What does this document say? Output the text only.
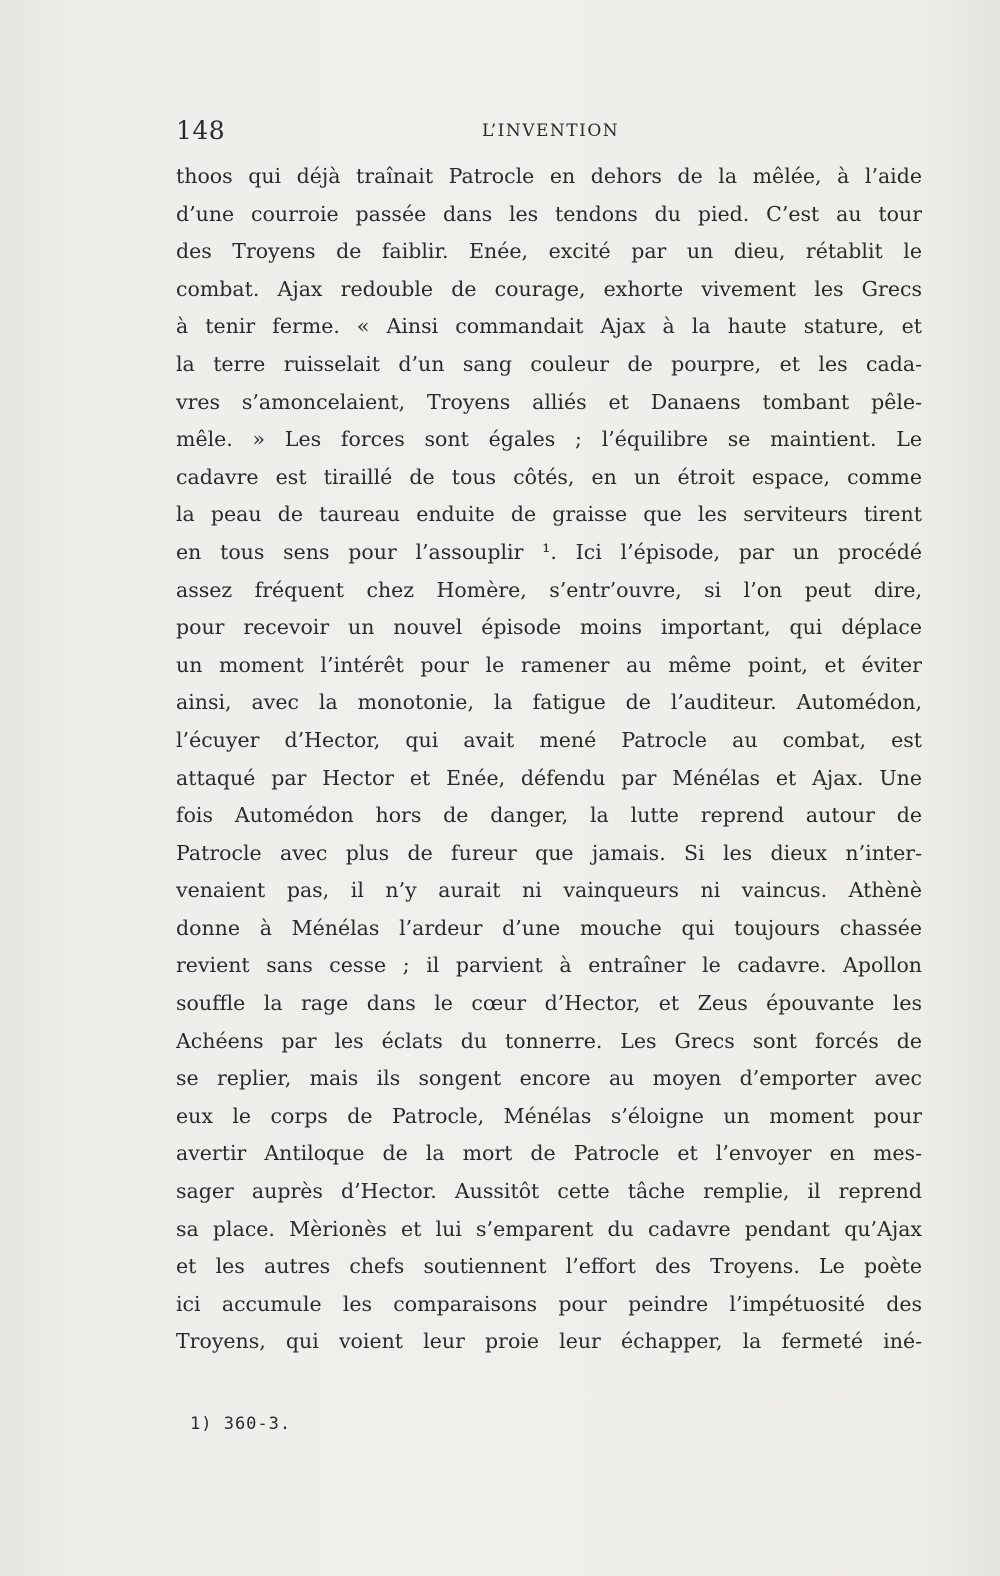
148	L’INVENTION
thoos qui déjà traînait Patrocle en dehors de la mêlée, à l’aide
d’une courroie passée dans les tendons du pied. C’est au tour
des Troyens de faiblir. Enée, excité par un dieu, rétablit le
combat. Ajax redouble de courage, exhorte vivement les Grecs
à tenir ferme. « Ainsi commandait Ajax à la haute stature, et
la terre ruisselait d’un sang couleur de pourpre, et les cada-
vres s’amoncelaient, Troyens alliés et Danaens tombant pêle-
mêle. » Les forces sont égales ; l’équilibre se maintient. Le
cadavre est tiraillé de tous côtés, en un étroit espace, comme
la peau de taureau enduite de graisse que les serviteurs tirent
en tous sens pour l’assouplir ¹. Ici l’épisode, par un procédé
assez fréquent chez Homère, s’entr’ouvre, si l’on peut dire,
pour recevoir un nouvel épisode moins important, qui déplace
un moment l’intérêt pour le ramener au même point, et éviter
ainsi, avec la monotonie, la fatigue de l’auditeur. Automédon,
l’écuyer d’Hector, qui avait mené Patrocle au combat, est
attaqué par Hector et Enée, défendu par Ménélas et Ajax. Une
fois Automédon hors de danger, la lutte reprend autour de
Patrocle avec plus de fureur que jamais. Si les dieux n’inter-
venaient pas, il n’y aurait ni vainqueurs ni vaincus. Athènè
donne à Ménélas l’ardeur d’une mouche qui toujours chassée
revient sans cesse ; il parvient à entraîner le cadavre. Apollon
souffle la rage dans le cœur d’Hector, et Zeus épouvante les
Achéens par les éclats du tonnerre. Les Grecs sont forcés de
se replier, mais ils songent encore au moyen d’emporter avec
eux le corps de Patrocle, Ménélas s’éloigne un moment pour
avertir Antiloque de la mort de Patrocle et l’envoyer en mes-
sager auprès d’Hector. Aussitôt cette tâche remplie, il reprend
sa place. Mèrionès et lui s’emparent du cadavre pendant qu’Ajax
et les autres chefs soutiennent l’effort des Troyens. Le poète
ici accumule les comparaisons pour peindre l’impétuosité des
Troyens, qui voient leur proie leur échapper, la fermeté iné-
1) 360-3.
